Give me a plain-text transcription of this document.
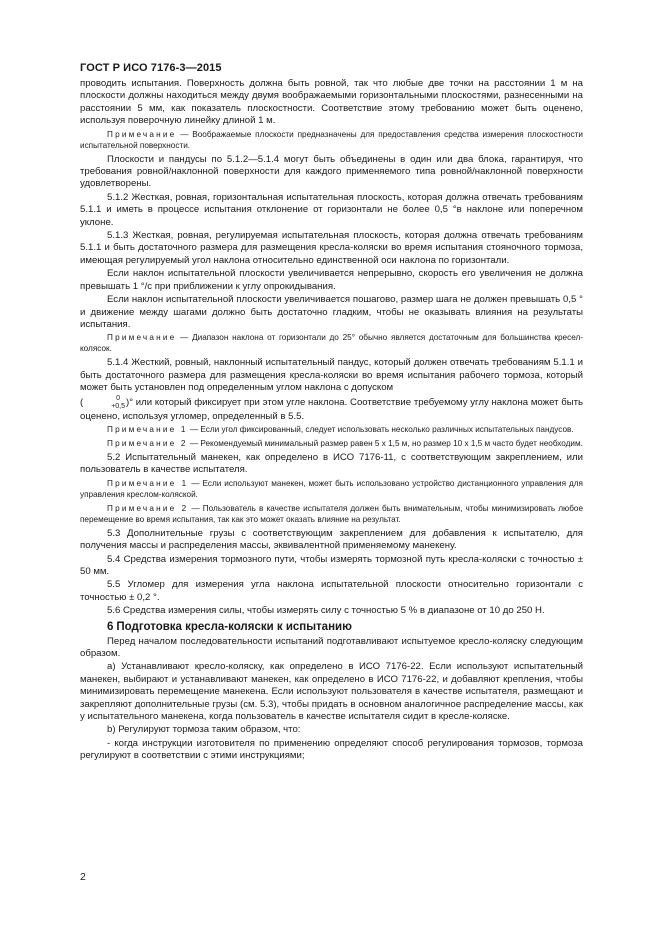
ГОСТ Р ИСО 7176-3—2015

проводить испытания. Поверхность должна быть ровной, так что любые две точки на расстоянии 1 м на плоскости должны находиться между двумя воображаемыми горизонтальными плоскостями, разнесенными на расстоянии 5 мм, как показатель плоскостности. Соответствие этому требованию может быть оценено, используя поверочную линейку длиной 1 м.

Примечание — Воображаемые плоскости предназначены для предоставления средства измерения плоскостности испытательной поверхности.

Плоскости и пандусы по 5.1.2—5.1.4 могут быть объединены в один или два блока, гарантируя, что требования ровной/наклонной поверхности для каждого применяемого типа ровной/наклонной поверхности удовлетворены.

5.1.2 Жесткая, ровная, горизонтальная испытательная плоскость, которая должна отвечать требованиям 5.1.1 и иметь в процессе испытания отклонение от горизонтали не более 0,5 °в наклоне или поперечном уклоне.

5.1.3 Жесткая, ровная, регулируемая испытательная плоскость, которая должна отвечать требованиям 5.1.1 и быть достаточного размера для размещения кресла-коляски во время испытания стояночного тормоза, имеющая регулируемый угол наклона относительно единственной оси наклона по горизонтали.

Если наклон испытательной плоскости увеличивается непрерывно, скорость его увеличения не должна превышать 1 °/с при приближении к углу опрокидывания.

Если наклон испытательной плоскости увеличивается пошагово, размер шага не должен превышать 0,5 ° и движение между шагами должно быть достаточно гладким, чтобы не оказывать влияния на результаты испытания.

Примечание — Диапазон наклона от горизонтали до 25° обычно является достаточным для большинства кресел-колясок.

5.1.4 Жесткий, ровный, наклонный испытательный пандус, который должен отвечать требованиям 5.1.1 и быть достаточного размера для размещения кресла-коляски во время испытания рабочего тормоза, который может быть установлен под определенным углом наклона с допуском
(	0
+0,5 )° или который фиксирует при этом угле наклона. Соответствие требуемому углу наклона может быть оценено, используя угломер, определенный в 5.5.

Примечание 1 — Если угол фиксированный, следует использовать несколько различных испытательных пандусов.

Примечание 2 — Рекомендуемый минимальный размер равен 5 х 1,5 м, но размер 10 х 1,5 м часто будет необходим.

5.2 Испытательный манекен, как определено в ИСО 7176-11, с соответствующим закреплением, или пользователь в качестве испытателя.

Примечание 1 — Если используют манекен, может быть использовано устройство дистанционного управления для управления креслом-коляской.

Примечание 2 — Пользователь в качестве испытателя должен быть внимательным, чтобы минимизировать любое перемещение во время испытания, так как это может оказать влияние на результат.

5.3 Дополнительные грузы с соответствующим закреплением для добавления к испытателю, для получения массы и распределения массы, эквивалентной применяемому манекену.

5.4 Средства измерения тормозного пути, чтобы измерять тормозной путь кресла-коляски с точностью ± 50 мм.

5.5 Угломер для измерения угла наклона испытательной плоскости относительно горизонтали с точностью ± 0,2 °.

5.6 Средства измерения силы, чтобы измерять силу с точностью 5 % в диапазоне от 10 до 250 Н.

6 Подготовка кресла-коляски к испытанию

Перед началом последовательности испытаний подготавливают испытуемое кресло-коляску следующим образом.

а) Устанавливают кресло-коляску, как определено в ИСО 7176-22. Если используют испытательный манекен, выбирают и устанавливают манекен, как определено в ИСО 7176-22, и добавляют крепления, чтобы минимизировать перемещение манекена. Если используют пользователя в качестве испытателя, размещают и закрепляют дополнительные грузы (см. 5.3), чтобы придать в основном аналогичное распределение массы, как у испытательного манекена, когда пользователь в качестве испытателя сидит в кресле-коляске.

b) Регулируют тормоза таким образом, что:

- когда инструкции изготовителя по применению определяют способ регулирования тормозов, тормоза регулируют в соответствии с этими инструкциями;

2
